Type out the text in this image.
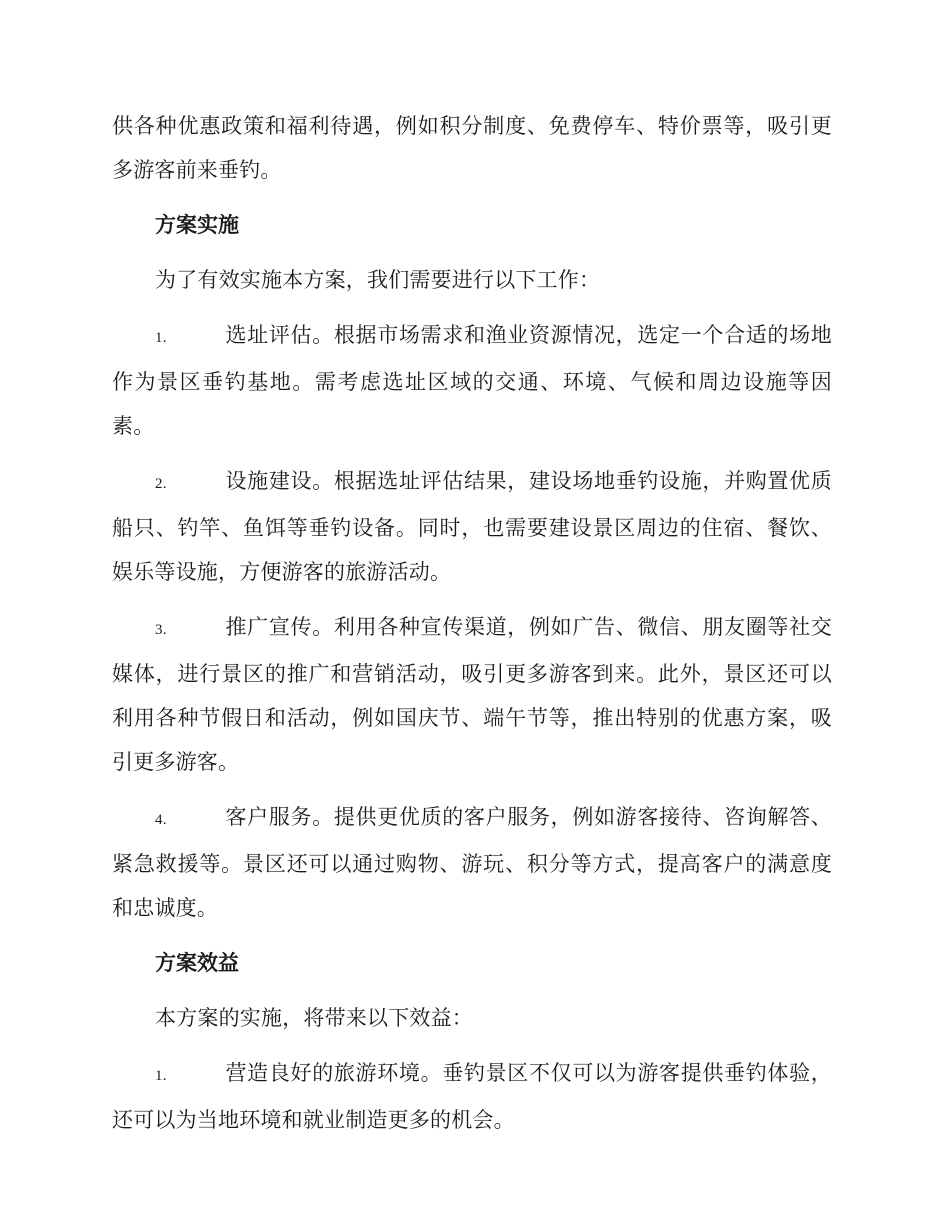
供各种优惠政策和福利待遇，例如积分制度、免费停车、特价票等，吸引更多游客前来垂钓。

方案实施

为了有效实施本方案，我们需要进行以下工作：

1.	选址评估。根据市场需求和渔业资源情况，选定一个合适的场地作为景区垂钓基地。需考虑选址区域的交通、环境、气候和周边设施等因素。

2.	设施建设。根据选址评估结果，建设场地垂钓设施，并购置优质船只、钓竿、鱼饵等垂钓设备。同时，也需要建设景区周边的住宿、餐饮、娱乐等设施，方便游客的旅游活动。

3.	推广宣传。利用各种宣传渠道，例如广告、微信、朋友圈等社交媒体，进行景区的推广和营销活动，吸引更多游客到来。此外，景区还可以利用各种节假日和活动，例如国庆节、端午节等，推出特别的优惠方案，吸引更多游客。

4.	客户服务。提供更优质的客户服务，例如游客接待、咨询解答、紧急救援等。景区还可以通过购物、游玩、积分等方式，提高客户的满意度和忠诚度。

方案效益

本方案的实施，将带来以下效益：

1.	营造良好的旅游环境。垂钓景区不仅可以为游客提供垂钓体验，还可以为当地环境和就业制造更多的机会。
